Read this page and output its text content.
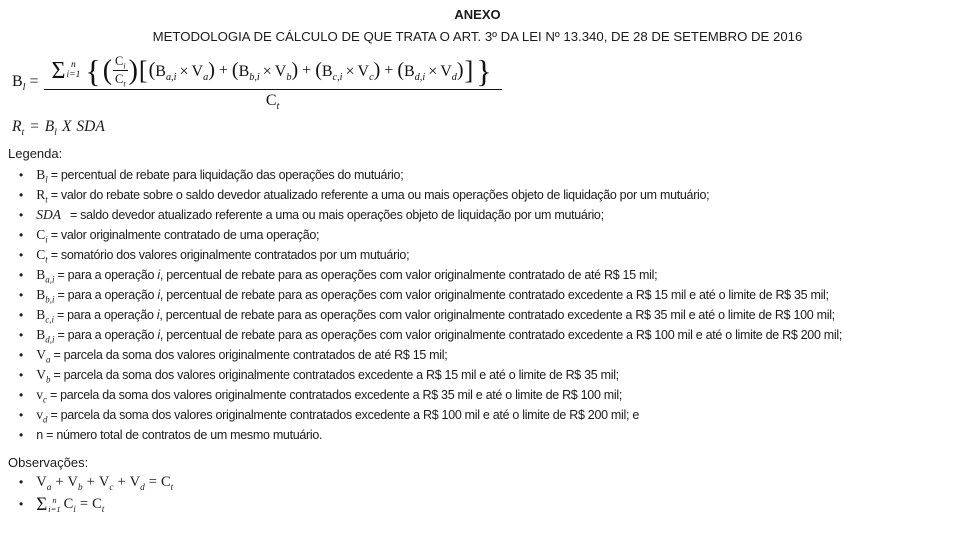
ANEXO
METODOLOGIA DE CÁLCULO DE QUE TRATA O ART. 3º DA LEI Nº 13.340, DE 28 DE SETEMBRO DE 2016
$B_l = \Sigma$ n
i=1 { ( $\frac{C_i}{C_t}$ ) [ $(B_{a,i} \times V_a) + (B_{b,i} \times V_b) + (B_{c,i} \times V_c) + (B_{d,i} \times V_d)$ ] }
$C_t$
$R_t = B_l$ X SDA
Legenda:
• $B_l$ = percentual de rebate para liquidação das operações do mutuário;
• $R_t$ = valor do rebate sobre o saldo devedor atualizado referente a uma ou mais operações objeto de liquidação por um mutuário;
• SDA = saldo devedor atualizado referente a uma ou mais operações objeto de liquidação por um mutuário;
• $C_i$ = valor originalmente contratado de uma operação;
• $C_t$ = somatório dos valores originalmente contratados por um mutuário;
• $B_{a,i}$ = para a operação i, percentual de rebate para as operações com valor originalmente contratado de até R$ 15 mil;
• $B_{b,i}$ = para a operação i, percentual de rebate para as operações com valor originalmente contratado excedente a R$ 15 mil e até o limite de R$ 35 mil;
• $B_{c,i}$ = para a operação i, percentual de rebate para as operações com valor originalmente contratado excedente a R$ 35 mil e até o limite de R$ 100 mil;
• $B_{d,i}$ = para a operação i, percentual de rebate para as operações com valor originalmente contratado excedente a R$ 100 mil e até o limite de R$ 200 mil;
• $V_a$ = parcela da soma dos valores originalmente contratados de até R$ 15 mil;
• $V_b$ = parcela da soma dos valores originalmente contratados excedente a R$ 15 mil e até o limite de R$ 35 mil;
• $v_c$ = parcela da soma dos valores originalmente contratados excedente a R$ 35 mil e até o limite de R$ 100 mil;
• $v_d$ = parcela da soma dos valores originalmente contratados excedente a R$ 100 mil e até o limite de R$ 200 mil; e
• n = número total de contratos de um mesmo mutuário.
Observações:
• $V_a + V_b + V_c + V_d = C_t$
• Σ n
i=1 $C_i = C_t$
